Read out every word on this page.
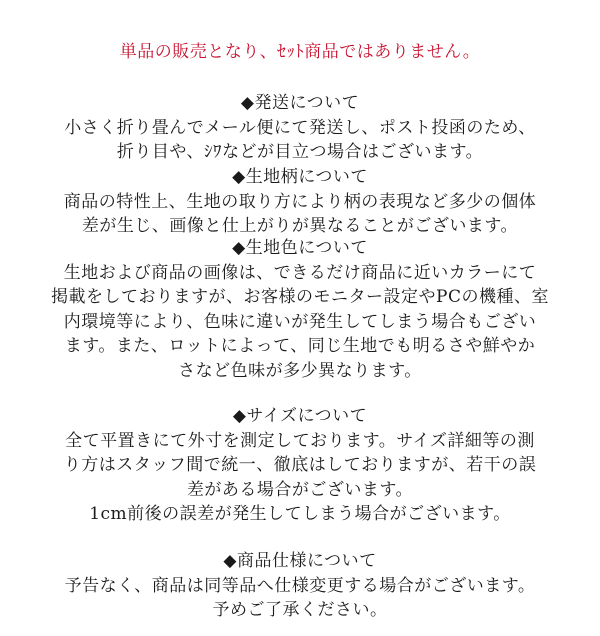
単品の販売となり、ｾｯﾄ商品ではありません。
◆発送について
小さく折り畳んでメール便にて発送し、ポスト投函のため、
折り目や、ｼﾜなどが目立つ場合はございます。
◆生地柄について
商品の特性上、生地の取り方により柄の表現など多少の個体
差が生じ、画像と仕上がりが異なることがございます。
◆生地色について
生地および商品の画像は、できるだけ商品に近いカラーにて
掲載をしておりますが、お客様のモニター設定やPCの機種、室
内環境等により、色味に違いが発生してしまう場合もござい
ます。また、ロットによって、同じ生地でも明るさや鮮やか
さなど色味が多少異なります。
◆サイズについて
全て平置きにて外寸を測定しております。サイズ詳細等の測
り方はスタッフ間で統一、徹底はしておりますが、若干の誤
差がある場合がございます。
1cm前後の誤差が発生してしまう場合がございます。
◆商品仕様について
予告なく、商品は同等品へ仕様変更する場合がございます。
予めご了承ください。
